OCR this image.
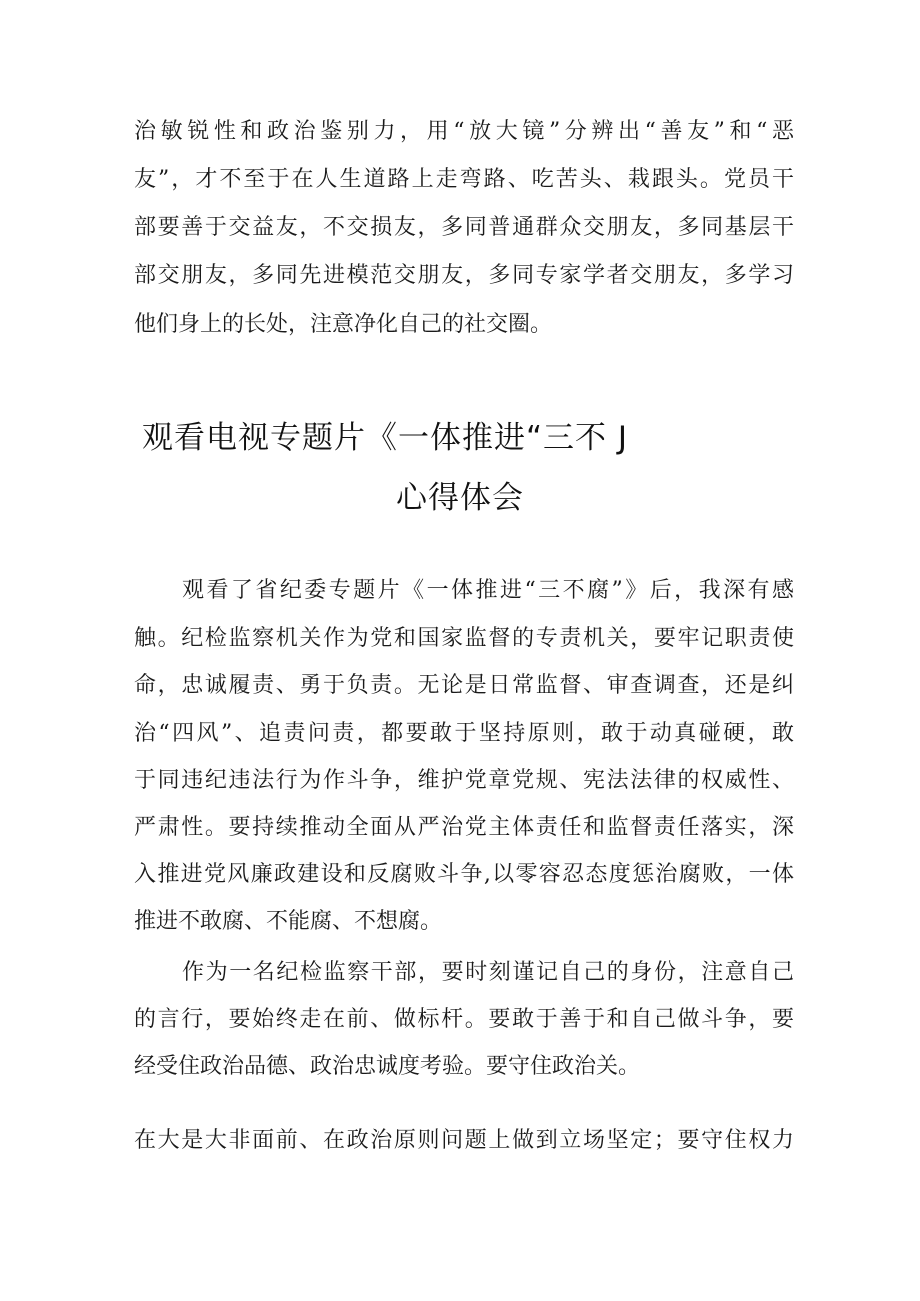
治敏锐性和政治鉴别力，用“放大镜”分辨出“善友”和“恶
友”，才不至于在人生道路上走弯路、吃苦头、栽跟头。党员干
部要善于交益友，不交损友，多同普通群众交朋友，多同基层干
部交朋友，多同先进模范交朋友，多同专家学者交朋友，多学习
他们身上的长处，注意净化自己的社交圈。
观看电视专题片《一体推进“三不 J
心得体会
观看了省纪委专题片《一体推进“三不腐”》后，我深有感
触。纪检监察机关作为党和国家监督的专责机关，要牢记职责使
命，忠诚履责、勇于负责。无论是日常监督、审查调查，还是纠
治“四风”、追责问责，都要敢于坚持原则，敢于动真碰硬，敢
于同违纪违法行为作斗争，维护党章党规、宪法法律的权威性、
严肃性。要持续推动全面从严治党主体责任和监督责任落实，深
入推进党风廉政建设和反腐败斗争,以零容忍态度惩治腐败，一体
推进不敢腐、不能腐、不想腐。
作为一名纪检监察干部，要时刻谨记自己的身份，注意自己
的言行，要始终走在前、做标杆。要敢于善于和自己做斗争，要
经受住政治品德、政治忠诚度考验。要守住政治关。
在大是大非面前、在政治原则问题上做到立场坚定；要守住权力
